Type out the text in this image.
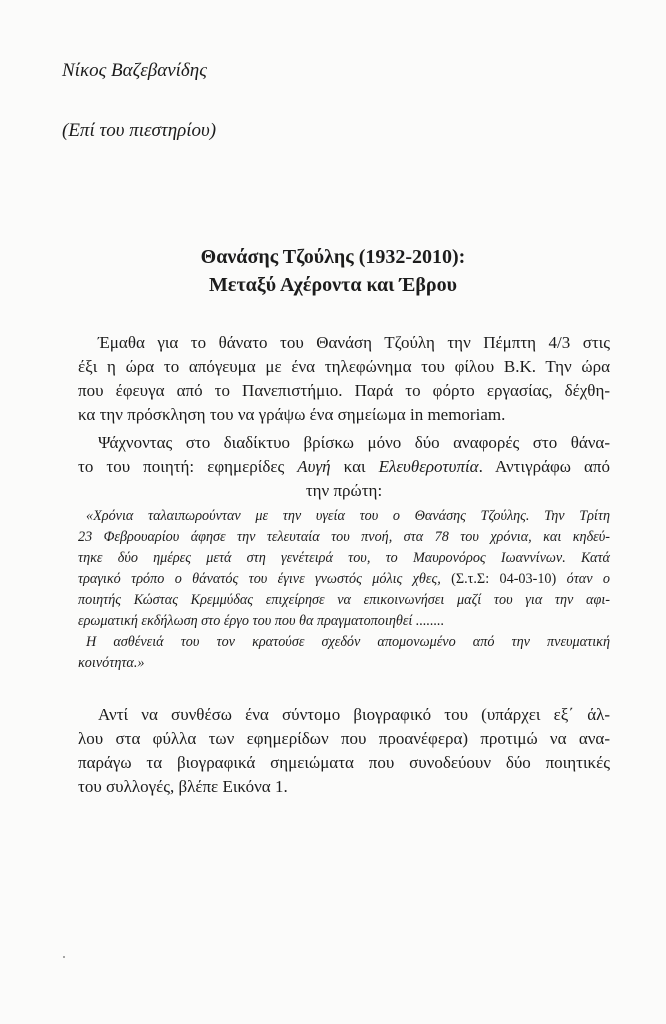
Νίκος Βαζεβανίδης
(Επί του πιεστηρίου)
Θανάσης Τζούλης (1932-2010):
Μεταξύ Αχέροντα και Έβρου
Έμαθα για το θάνατο του Θανάση Τζούλη την Πέμπτη 4/3 στις
έξι η ώρα το απόγευμα με ένα τηλεφώνημα του φίλου Β.Κ. Την ώρα
που έφευγα από το Πανεπιστήμιο. Παρά το φόρτο εργασίας, δέχθη-
κα την πρόσκληση του να γράψω ένα σημείωμα in memoriam.
Ψάχνοντας στο διαδίκτυο βρίσκω μόνο δύο αναφορές στο θάνα-
το του ποιητή: εφημερίδες Αυγή και Ελευθεροτυπία. Αντιγράφω από
την πρώτη:
«Χρόνια ταλαιπωρούνταν με την υγεία του ο Θανάσης Τζούλης. Την Τρίτη
23 Φεβρουαρίου άφησε την τελευταία του πνοή, στα 78 του χρόνια, και κηδεύ-
τηκε δύο ημέρες μετά στη γενέτειρά του, το Μαυρονόρος Ιωαννίνων. Κατά
τραγικό τρόπο ο θάνατός του έγινε γνωστός μόλις χθες, (Σ.τ.Σ: 04-03-10) όταν ο
ποιητής Κώστας Κρεμμύδας επιχείρησε να επικοινωνήσει μαζί του για την αφι-
ερωματική εκδήλωση στο έργο του που θα πραγματοποιηθεί ........
Η ασθένειά του τον κρατούσε σχεδόν απομονωμένο από την πνευματική
κοινότητα.»
Αντί να συνθέσω ένα σύντομο βιογραφικό του (υπάρχει εξ΄ άλ-
λου στα φύλλα των εφημερίδων που προανέφερα) προτιμώ να ανα-
παράγω τα βιογραφικά σημειώματα που συνοδεύουν δύο ποιητικές
του συλλογές, βλέπε Εικόνα 1.
